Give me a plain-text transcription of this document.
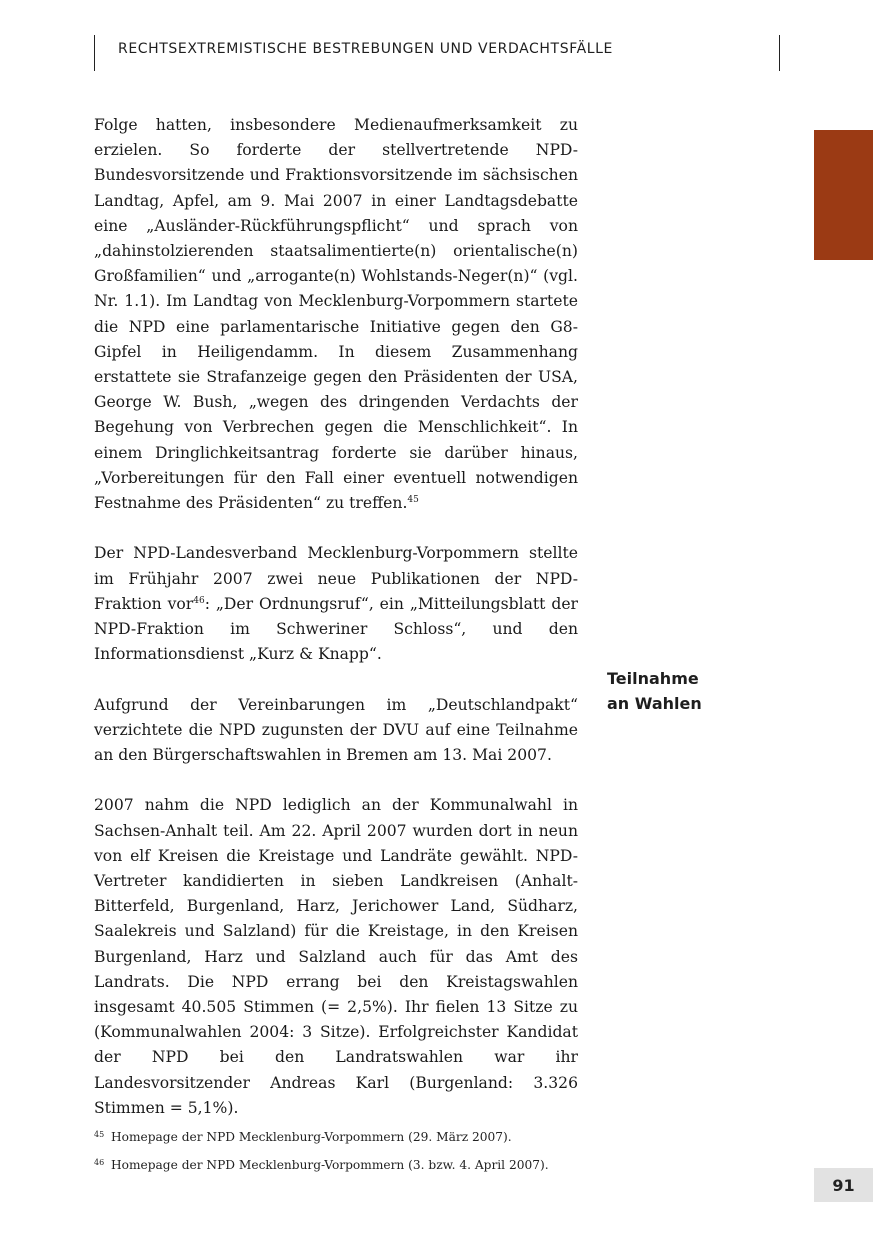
RECHTSEXTREMISTISCHE BESTREBUNGEN UND VERDACHTSFÄLLE

Folge hatten, insbesondere Medienaufmerksamkeit zu erzielen. So forderte der stellvertretende NPD-Bundesvorsitzende und Fraktionsvorsitzende im sächsischen Landtag, Apfel, am 9. Mai 2007 in einer Landtagsdebatte eine „Ausländer-Rückführungspflicht“ und sprach von „dahinstolzierenden staatsalimentierte(n) orientalische(n) Großfamilien“ und „arrogante(n) Wohlstands-Neger(n)“ (vgl. Nr. 1.1). Im Landtag von Mecklenburg-Vorpommern startete die NPD eine parlamentarische Initiative gegen den G8-Gipfel in Heiligendamm. In diesem Zusammenhang erstattete sie Strafanzeige gegen den Präsidenten der USA, George W. Bush, „wegen des dringenden Verdachts der Begehung von Verbrechen gegen die Menschlichkeit“. In einem Dringlichkeitsantrag forderte sie darüber hinaus, „Vorbereitungen für den Fall einer eventuell notwendigen Festnahme des Präsidenten“ zu treffen.$^{45}$

Der NPD-Landesverband Mecklenburg-Vorpommern stellte im Frühjahr 2007 zwei neue Publikationen der NPD-Fraktion vor$^{46}$: „Der Ordnungsruf“, ein „Mitteilungsblatt der NPD-Fraktion im Schweriner Schloss“, und den Informationsdienst „Kurz & Knapp“.

Aufgrund der Vereinbarungen im „Deutschlandpakt“ verzichtete die NPD zugunsten der DVU auf eine Teilnahme an den Bürgerschaftswahlen in Bremen am 13. Mai 2007.

2007 nahm die NPD lediglich an der Kommunalwahl in Sachsen-Anhalt teil. Am 22. April 2007 wurden dort in neun von elf Kreisen die Kreistage und Landräte gewählt. NPD-Vertreter kandidierten in sieben Landkreisen (Anhalt-Bitterfeld, Burgenland, Harz, Jerichower Land, Südharz, Saalekreis und Salzland) für die Kreistage, in den Kreisen Burgenland, Harz und Salzland auch für das Amt des Landrats. Die NPD errang bei den Kreistagswahlen insgesamt 40.505 Stimmen (= 2,5%). Ihr fielen 13 Sitze zu (Kommunalwahlen 2004: 3 Sitze). Erfolgreichster Kandidat der NPD bei den Landratswahlen war ihr Landesvorsitzender Andreas Karl (Burgenland: 3.326 Stimmen = 5,1%).

Teilnahme
an Wahlen
45 Homepage der NPD Mecklenburg-Vorpommern (29. März 2007).
46 Homepage der NPD Mecklenburg-Vorpommern (3. bzw. 4. April 2007).
91
